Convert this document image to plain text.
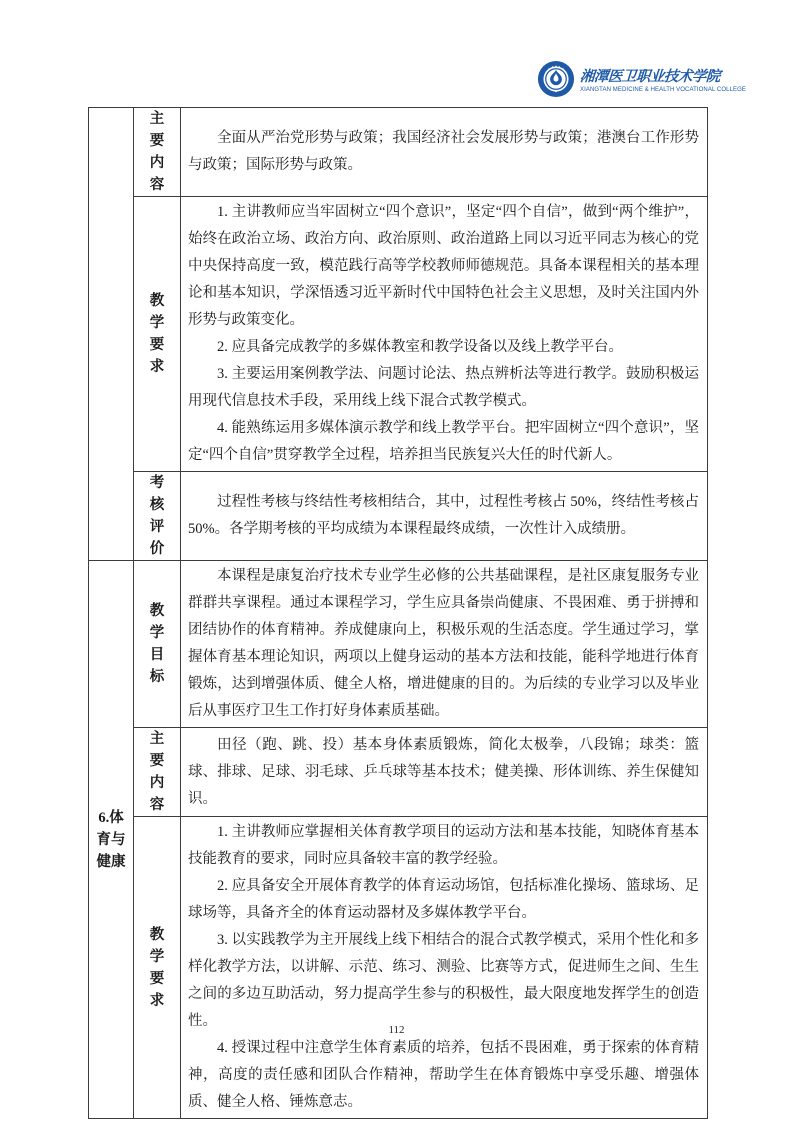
湘潭医卫职业技术学院
XIANGTAN MEDICINE & HEALTH VOCATIONAL COLLEGE
	主要内容	全面从严治党形势与政策；我国经济社会发展形势与政策；港澳台工作形势与政策；国际形势与政策。

	教学要求	1. 主讲教师应当牢固树立“四个意识”，坚定“四个自信”，做到“两个维护”，始终在政治立场、政治方向、政治原则、政治道路上同以习近平同志为核心的党中央保持高度一致，模范践行高等学校教师师德规范。具备本课程相关的基本理论和基本知识，学深悟透习近平新时代中国特色社会主义思想，及时关注国内外形势与政策变化。

2. 应具备完成教学的多媒体教室和教学设备以及线上教学平台。

3. 主要运用案例教学法、问题讨论法、热点辨析法等进行教学。鼓励积极运用现代信息技术手段，采用线上线下混合式教学模式。

4. 能熟练运用多媒体演示教学和线上教学平台。把牢固树立“四个意识”，坚定“四个自信”贯穿教学全过程，培养担当民族复兴大任的时代新人。

	考核评价	过程性考核与终结性考核相结合，其中，过程性考核占 50%，终结性考核占 50%。各学期考核的平均成绩为本课程最终成绩，一次性计入成绩册。

6.体育与健康	教学目标	本课程是康复治疗技术专业学生必修的公共基础课程，是社区康复服务专业群群共享课程。通过本课程学习，学生应具备崇尚健康、不畏困难、勇于拼搏和团结协作的体育精神。养成健康向上，积极乐观的生活态度。学生通过学习，掌握体育基本理论知识，两项以上健身运动的基本方法和技能，能科学地进行体育锻炼，达到增强体质、健全人格，增进健康的目的。为后续的专业学习以及毕业后从事医疗卫生工作打好身体素质基础。

	主要内容	田径（跑、跳、投）基本身体素质锻炼，简化太极拳，八段锦；球类：篮球、排球、足球、羽毛球、乒乓球等基本技术；健美操、形体训练、养生保健知识。

	教学要求	1. 主讲教师应掌握相关体育教学项目的运动方法和基本技能，知晓体育基本技能教育的要求，同时应具备较丰富的教学经验。

2. 应具备安全开展体育教学的体育运动场馆，包括标准化操场、篮球场、足球场等，具备齐全的体育运动器材及多媒体教学平台。

3. 以实践教学为主开展线上线下相结合的混合式教学模式，采用个性化和多样化教学方法，以讲解、示范、练习、测验、比赛等方式，促进师生之间、生生之间的多边互助活动，努力提高学生参与的积极性，最大限度地发挥学生的创造性。

4. 授课过程中注意学生体育素质的培养，包括不畏困难，勇于探索的体育精神，高度的责任感和团队合作精神，帮助学生在体育锻炼中享受乐趣、增强体质、健全人格、锤炼意志。

112
